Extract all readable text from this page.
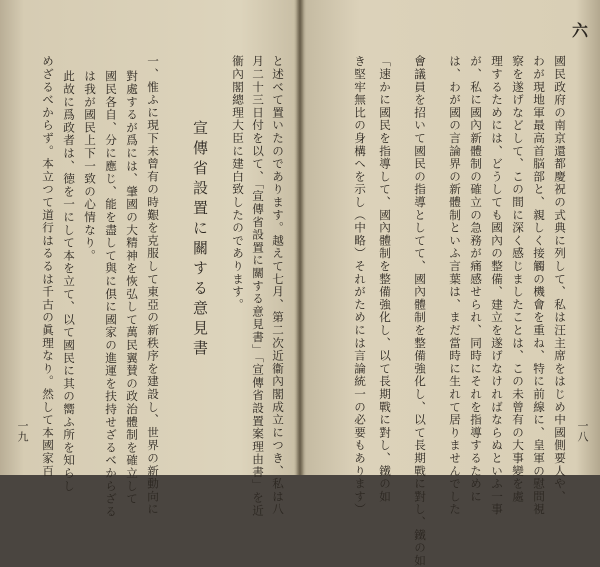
六
一八
國民政府の南京還都慶祝の式典に列して、私は汪主席をはじめ中國側要人や、
わが現地軍最高首脳部と、親しく接觸の機會を重ね、特に前線に、皇軍の慰問視
察を遂げなどして、この間に深く感じましたことは、この未曾有の大事變を處
理するためには、どうしても國內の整備、建立を遂げなければならぬといふ一事
が、私に國內新體制の確立の急務が痛感せられ、同時にそれを指導するために
は、わが國の言論界の新體制といふ言葉は、まだ當時に生れて居りませんでした
會議員を招いて國民の指導としてて、國內體制を整備強化し、以て長期戰に對し、鐵の如
「速かに國民を指導して、國內體制を整備強化し、以て長期戰に對し、鐵の如
き堅牢無比の身構へを示し（中略）それがためには言論統一の必要もあります）
一九	と述べて置いたのであります。越えて七月、第二次近衞內閣成立につき、私は八
月二十三日付を以て、「宣傳省設置に關する意見書」「宣傳省設置案理由書」を近
衞內閣總理大臣に建白致したのであります。
宣傳省設置に關する意見書
一、惟ふに現下未曾有の時艱を克服して東亞の新秩序を建設し、世界の新動向に
對處するが爲には、肇國の大精神を恢弘して萬民翼賛の政治體制を確立して
國民各自、分に應じ、能を盡して與に倶に國家の進運を扶持せざるべからざる
は我が國民上下一致の心情なり。
此故に爲政者は、徳を一にして本を立て、以て國民に其の嚮ふ所を知らし
めざるべからず。本立つて道行はるるは千古の眞理なり。然して本國家百
